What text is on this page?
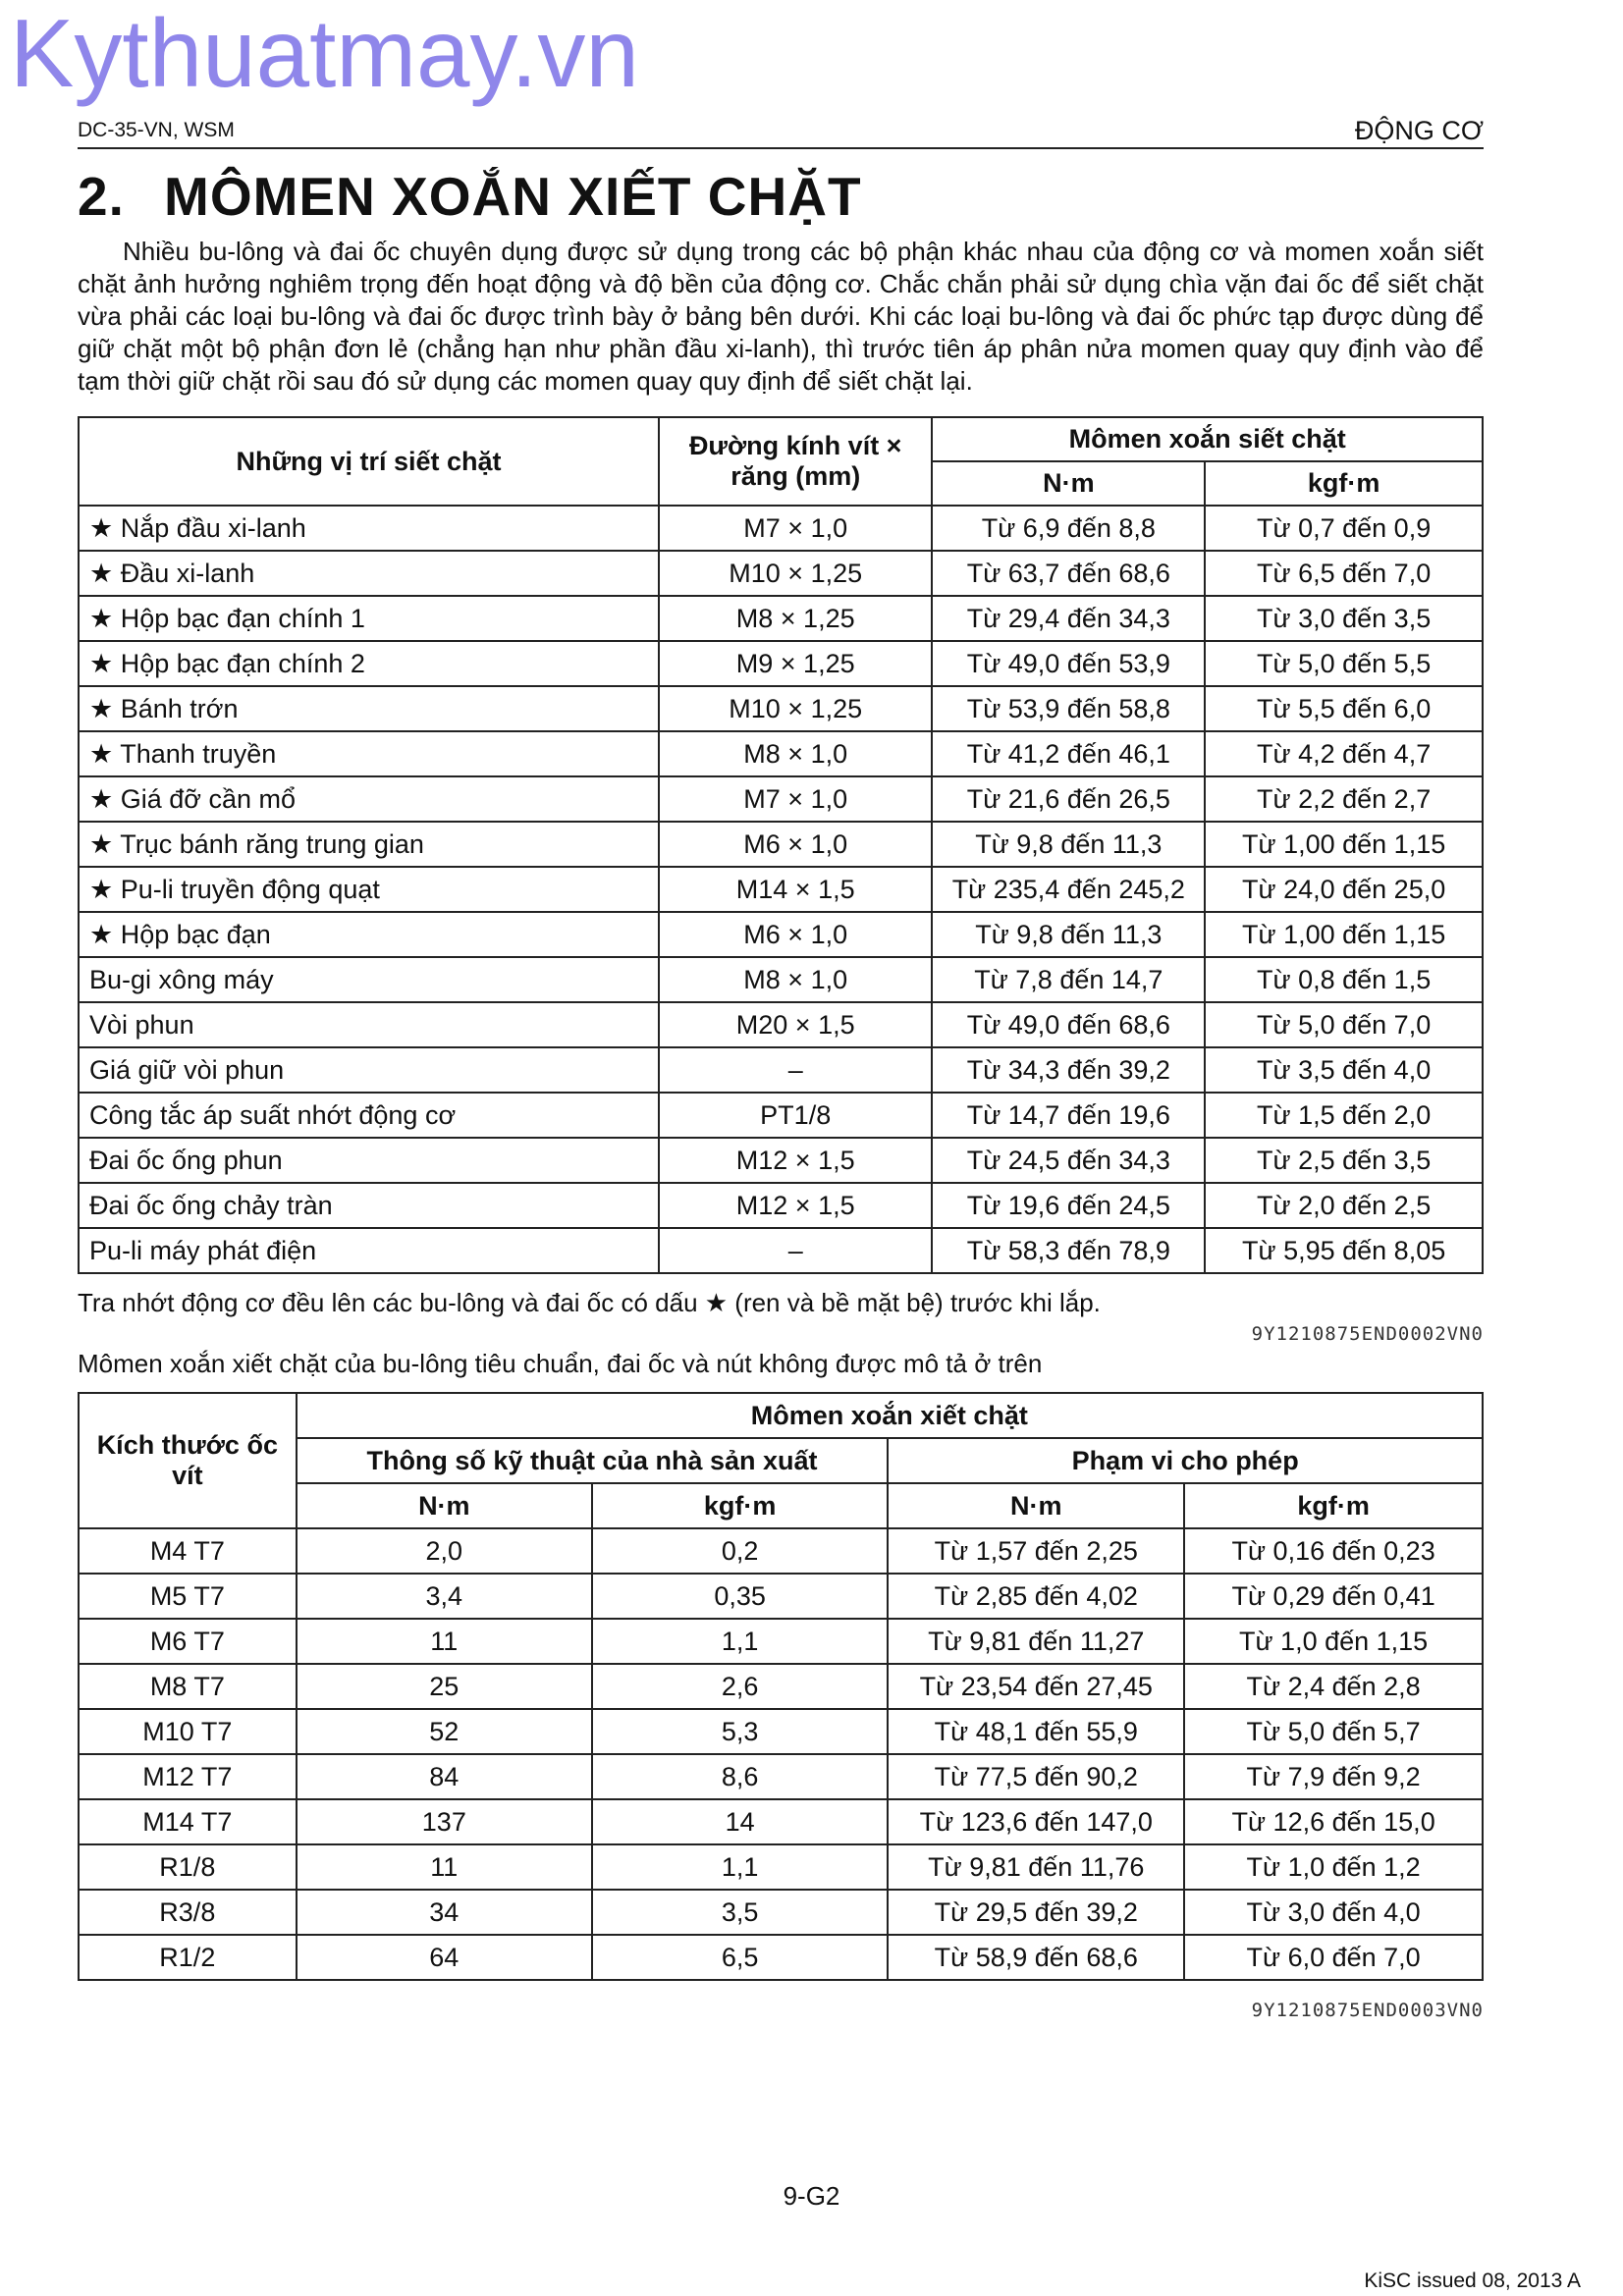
Kythuatmay.vn
DC-35-VN, WSM	ĐỘNG CƠ
2. MÔMEN XOẮN XIẾT CHẶT

Nhiều bu-lông và đai ốc chuyên dụng được sử dụng trong các bộ phận khác nhau của động cơ và momen xoắn siết chặt ảnh hưởng nghiêm trọng đến hoạt động và độ bền của động cơ. Chắc chắn phải sử dụng chìa vặn đai ốc để siết chặt vừa phải các loại bu-lông và đai ốc được trình bày ở bảng bên dưới. Khi các loại bu-lông và đai ốc phức tạp được dùng để giữ chặt một bộ phận đơn lẻ (chẳng hạn như phần đầu xi-lanh), thì trước tiên áp phân nửa momen quay quy định vào để tạm thời giữ chặt rồi sau đó sử dụng các momen quay quy định để siết chặt lại.

Những vị trí siết chặt	Đường kính vít × răng (mm)	Mômen xoắn siết chặt	
		N·m	kgf·m
★ Nắp đầu xi-lanh	M7 × 1,0	Từ 6,9 đến 8,8	Từ 0,7 đến 0,9
★ Đầu xi-lanh	M10 × 1,25	Từ 63,7 đến 68,6	Từ 6,5 đến 7,0
★ Hộp bạc đạn chính 1	M8 × 1,25	Từ 29,4 đến 34,3	Từ 3,0 đến 3,5
★ Hộp bạc đạn chính 2	M9 × 1,25	Từ 49,0 đến 53,9	Từ 5,0 đến 5,5
★ Bánh trớn	M10 × 1,25	Từ 53,9 đến 58,8	Từ 5,5 đến 6,0
★ Thanh truyền	M8 × 1,0	Từ 41,2 đến 46,1	Từ 4,2 đến 4,7
★ Giá đỡ cần mổ	M7 × 1,0	Từ 21,6 đến 26,5	Từ 2,2 đến 2,7
★ Trục bánh răng trung gian	M6 × 1,0	Từ 9,8 đến 11,3	Từ 1,00 đến 1,15
★ Pu-li truyền động quạt	M14 × 1,5	Từ 235,4 đến 245,2	Từ 24,0 đến 25,0
★ Hộp bạc đạn	M6 × 1,0	Từ 9,8 đến 11,3	Từ 1,00 đến 1,15
Bu-gi xông máy	M8 × 1,0	Từ 7,8 đến 14,7	Từ 0,8 đến 1,5
Vòi phun	M20 × 1,5	Từ 49,0 đến 68,6	Từ 5,0 đến 7,0
Giá giữ vòi phun	–	Từ 34,3 đến 39,2	Từ 3,5 đến 4,0
Công tắc áp suất nhớt động cơ	PT1/8	Từ 14,7 đến 19,6	Từ 1,5 đến 2,0
Đai ốc ống phun	M12 × 1,5	Từ 24,5 đến 34,3	Từ 2,5 đến 3,5
Đai ốc ống chảy tràn	M12 × 1,5	Từ 19,6 đến 24,5	Từ 2,0 đến 2,5
Pu-li máy phát điện	–	Từ 58,3 đến 78,9	Từ 5,95 đến 8,05
Tra nhớt động cơ đều lên các bu-lông và đai ốc có dấu ★ (ren và bề mặt bệ) trước khi lắp.
9Y1210875END0002VN0
Mômen xoắn xiết chặt của bu-lông tiêu chuẩn, đai ốc và nút không được mô tả ở trên
Kích thước ốc vít	Mômen xoắn xiết chặt			
	Thông số kỹ thuật của nhà sản xuất		Phạm vi cho phép	
	N·m	kgf·m	N·m	kgf·m
M4 T7	2,0	0,2	Từ 1,57 đến 2,25	Từ 0,16 đến 0,23
M5 T7	3,4	0,35	Từ 2,85 đến 4,02	Từ 0,29 đến 0,41
M6 T7	11	1,1	Từ 9,81 đến 11,27	Từ 1,0 đến 1,15
M8 T7	25	2,6	Từ 23,54 đến 27,45	Từ 2,4 đến 2,8
M10 T7	52	5,3	Từ 48,1 đến 55,9	Từ 5,0 đến 5,7
M12 T7	84	8,6	Từ 77,5 đến 90,2	Từ 7,9 đến 9,2
M14 T7	137	14	Từ 123,6 đến 147,0	Từ 12,6 đến 15,0
R1/8	11	1,1	Từ 9,81 đến 11,76	Từ 1,0 đến 1,2
R3/8	34	3,5	Từ 29,5 đến 39,2	Từ 3,0 đến 4,0
R1/2	64	6,5	Từ 58,9 đến 68,6	Từ 6,0 đến 7,0
9Y1210875END0003VN0
9-G2
KiSC issued 08, 2013 A
